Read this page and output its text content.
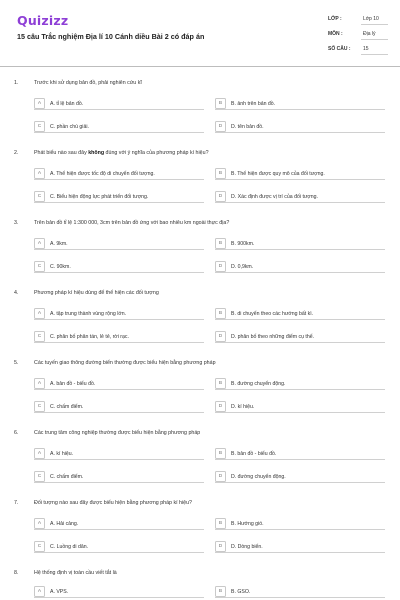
Quizizz
15 câu Trắc nghiệm Địa lí 10 Cánh diều Bài 2 có đáp án
LỚP :	Lớp 10
MÔN :	Địa lý
SỐ CÂU :	15
1.	Trước khi sử dụng bản đồ, phải nghiên cứu kĩ
A	A. tỉ lệ bản đồ.	B	B. ảnh trên bản đồ.
C	C. phần chú giải.	D	D. tên bản đồ.
2.	Phát biểu nào sau đây không đúng với ý nghĩa của phương pháp kí hiệu?
A	A. Thể hiện được tốc độ di chuyển đối tượng.	B	B. Thể hiện được quy mô của đối tượng.
C	C. Biểu hiện động lực phát triển đối tượng.	D	D. Xác định được vị trí của đối tượng.
3.	Trên bản đồ tỉ lệ 1:300 000, 3cm trên bản đồ ứng với bao nhiêu km ngoài thực địa?
A	A. 9km.	B	B. 900km.
C	C. 90km.	D	D. 0,9km.
4.	Phương pháp kí hiệu dùng để thể hiện các đối tượng
A	A. tập trung thành vùng rộng lớn.	B	B. di chuyển theo các hướng bất kì.
C	C. phân bố phân tán, lẻ tẻ, rời rạc.	D	D. phân bố theo những điểm cụ thể.
5.	Các tuyến giao thông đường biển thường được biểu hiện bằng phương pháp
A	A. bản đồ - biểu đồ.	B	B. đường chuyển động.
C	C. chấm điểm.	D	D. kí hiệu.
6.	Các trung tâm công nghiệp thường được biểu hiện bằng phương pháp
A	A. kí hiệu.	B	B. bản đồ - biểu đồ.
C	C. chấm điểm.	D	D. đường chuyển động.
7.	Đối tượng nào sau đây được biểu hiện bằng phương pháp kí hiệu?
A	A. Hải cảng.	B	B. Hướng gió.
C	C. Luồng di dân.	D	D. Dòng biển.
8.	Hệ thống định vị toàn cầu viết tắt là
A	A. VPS.	B	B. GSO.
